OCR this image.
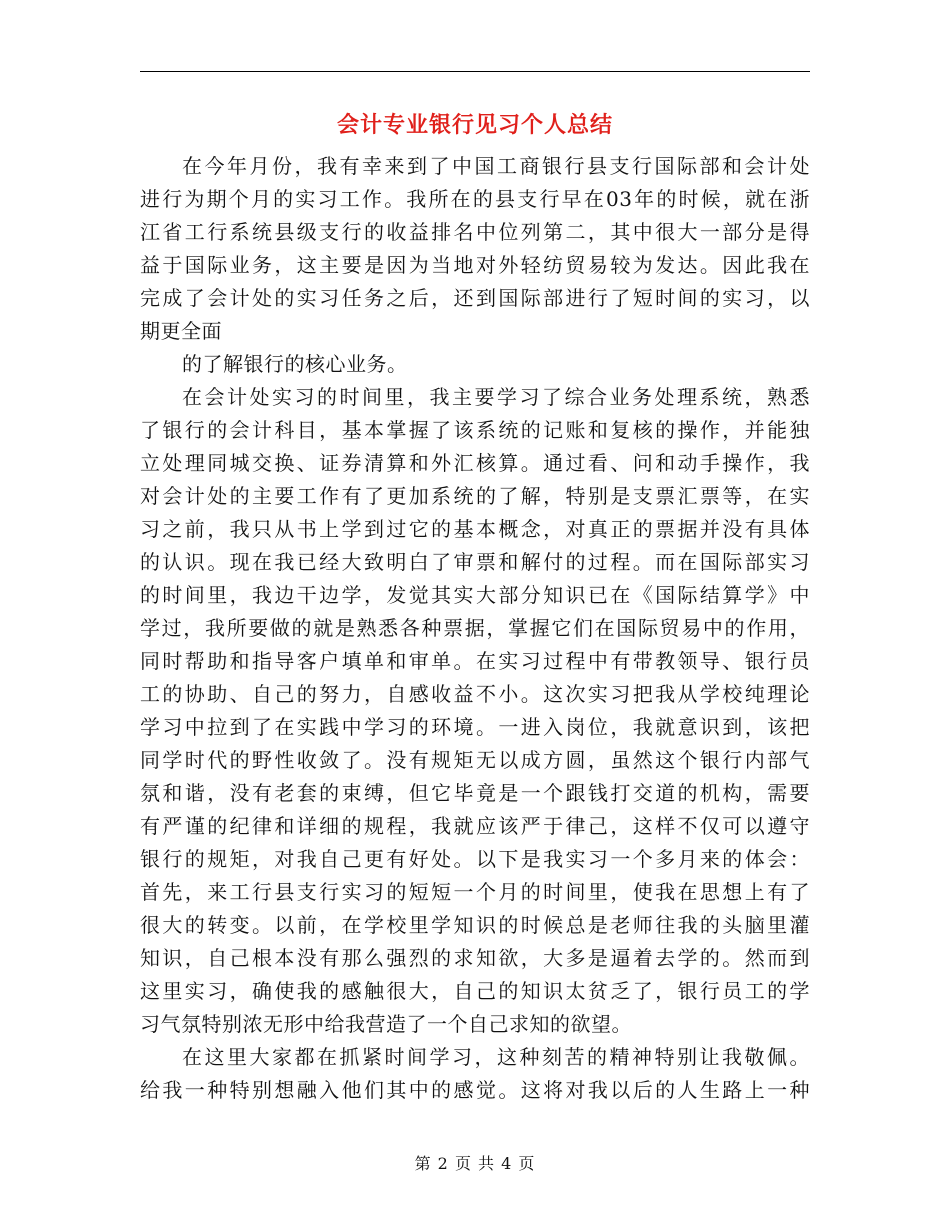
会计专业银行见习个人总结
在今年月份，我有幸来到了中国工商银行县支行国际部和会计处
进行为期个月的实习工作。我所在的县支行早在03年的时候，就在浙
江省工行系统县级支行的收益排名中位列第二，其中很大一部分是得
益于国际业务，这主要是因为当地对外轻纺贸易较为发达。因此我在
完成了会计处的实习任务之后，还到国际部进行了短时间的实习，以
期更全面
的了解银行的核心业务。
在会计处实习的时间里，我主要学习了综合业务处理系统，熟悉
了银行的会计科目，基本掌握了该系统的记账和复核的操作，并能独
立处理同城交换、证券清算和外汇核算。通过看、问和动手操作，我
对会计处的主要工作有了更加系统的了解，特别是支票汇票等，在实
习之前，我只从书上学到过它的基本概念，对真正的票据并没有具体
的认识。现在我已经大致明白了审票和解付的过程。而在国际部实习
的时间里，我边干边学，发觉其实大部分知识已在《国际结算学》中
学过，我所要做的就是熟悉各种票据，掌握它们在国际贸易中的作用，
同时帮助和指导客户填单和审单。在实习过程中有带教领导、银行员
工的协助、自己的努力，自感收益不小。这次实习把我从学校纯理论
学习中拉到了在实践中学习的环境。一进入岗位，我就意识到，该把
同学时代的野性收敛了。没有规矩无以成方圆，虽然这个银行内部气
氛和谐，没有老套的束缚，但它毕竟是一个跟钱打交道的机构，需要
有严谨的纪律和详细的规程，我就应该严于律己，这样不仅可以遵守
银行的规矩，对我自己更有好处。以下是我实习一个多月来的体会：
首先，来工行县支行实习的短短一个月的时间里，使我在思想上有了
很大的转变。以前，在学校里学知识的时候总是老师往我的头脑里灌
知识，自己根本没有那么强烈的求知欲，大多是逼着去学的。然而到
这里实习，确使我的感触很大，自己的知识太贫乏了，银行员工的学
习气氛特别浓无形中给我营造了一个自己求知的欲望。
在这里大家都在抓紧时间学习，这种刻苦的精神特别让我敬佩。
给我一种特别想融入他们其中的感觉。这将对我以后的人生路上一种
第 2 页 共 4 页
